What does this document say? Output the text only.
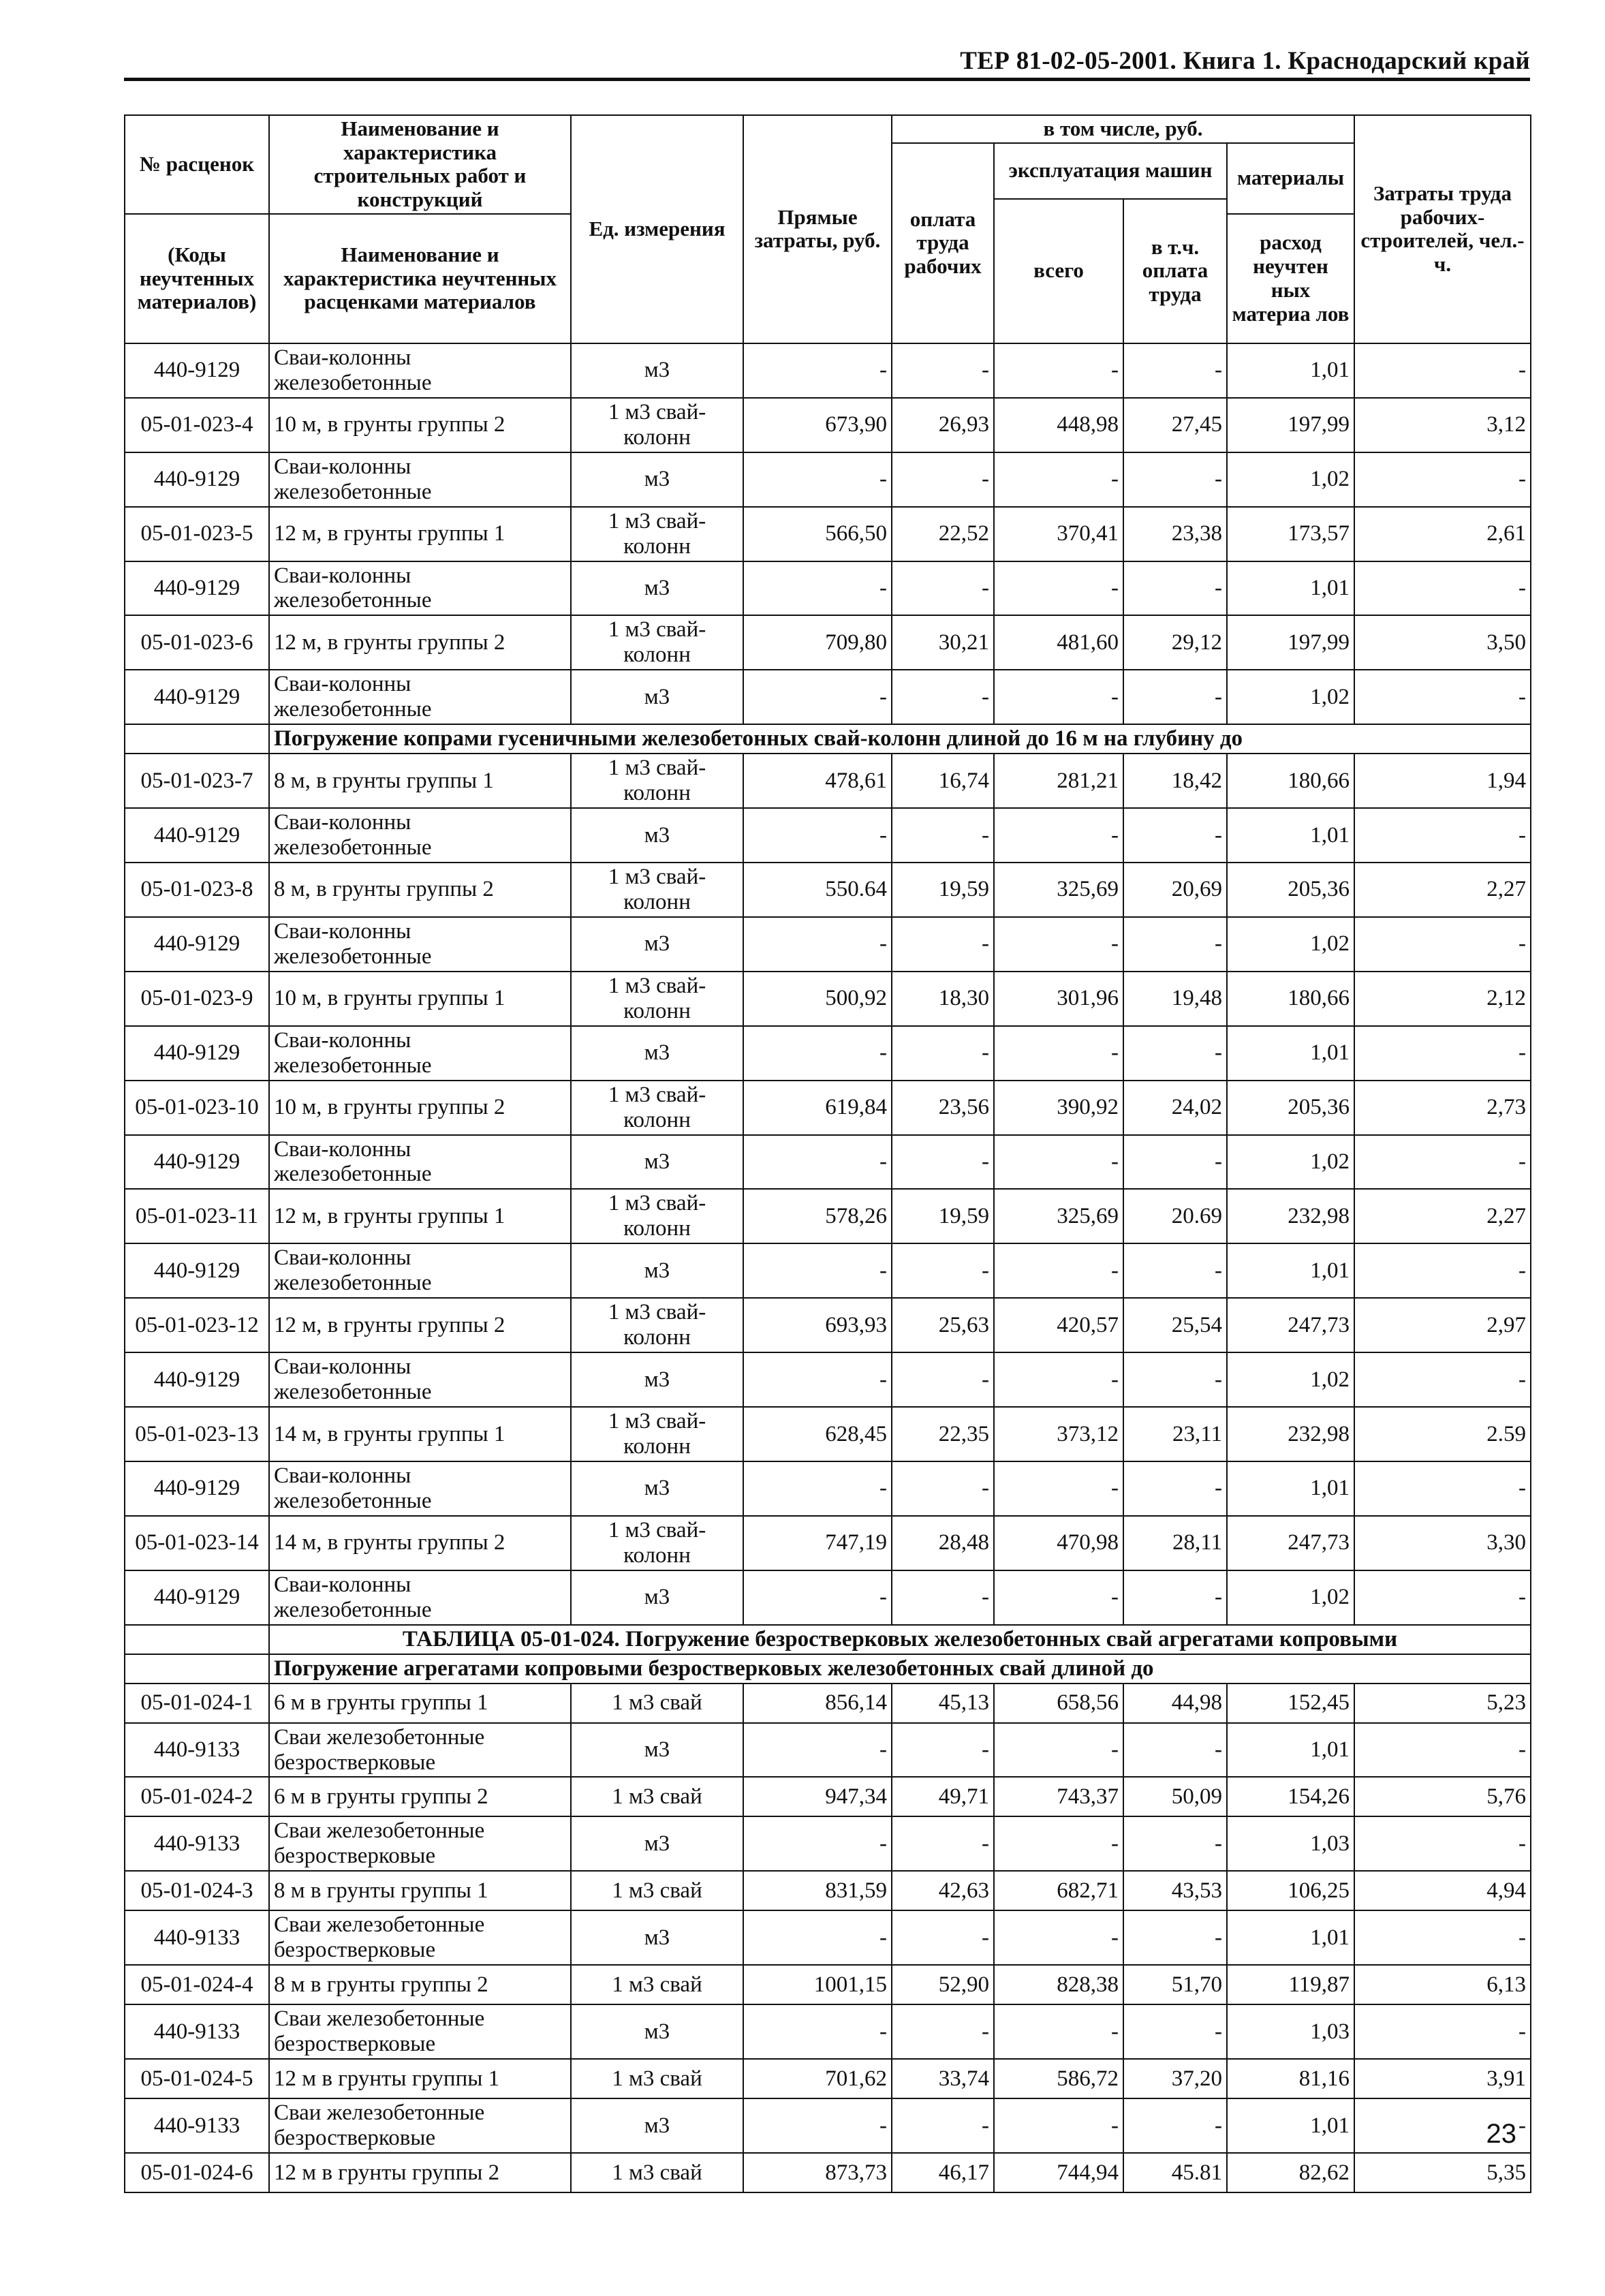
ТЕР 81-02-05-2001. Книга 1. Краснодарский край
№ расценок	Наименование и характеристика строительных работ и конструкций	Ед. измерения	Прямые затраты, руб.	в том числе, руб.				Затраты труда рабочих-строителей, чел.-ч.
				оплата труда рабочих	эксплуатация машин		материалы	
					всего	в т.ч. оплата труда		
(Коды неучтенных материалов)	Наименование и характеристика неучтенных расценками материалов						расход неучтен ных материа лов	

440-9129	Сваи-колонны железобетонные	м3	-	-	-	-	1,01	-
05-01-023-4	10 м, в грунты группы 2	1 м3 свай-колонн	673,90	26,93	448,98	27,45	197,99	3,12
440-9129	Сваи-колонны железобетонные	м3	-	-	-	-	1,02	-
05-01-023-5	12 м, в грунты группы 1	1 м3 свай-колонн	566,50	22,52	370,41	23,38	173,57	2,61
440-9129	Сваи-колонны железобетонные	м3	-	-	-	-	1,01	-
05-01-023-6	12 м, в грунты группы 2	1 м3 свай-колонн	709,80	30,21	481,60	29,12	197,99	3,50
440-9129	Сваи-колонны железобетонные	м3	-	-	-	-	1,02	-
	Погружение копрами гусеничными железобетонных свай-колонн длиной до 16 м на глубину до							
05-01-023-7	8 м, в грунты группы 1	1 м3 свай-колонн	478,61	16,74	281,21	18,42	180,66	1,94
440-9129	Сваи-колонны железобетонные	м3	-	-	-	-	1,01	-
05-01-023-8	8 м, в грунты группы 2	1 м3 свай-колонн	550.64	19,59	325,69	20,69	205,36	2,27
440-9129	Сваи-колонны железобетонные	м3	-	-	-	-	1,02	-
05-01-023-9	10 м, в грунты группы 1	1 м3 свай-колонн	500,92	18,30	301,96	19,48	180,66	2,12
440-9129	Сваи-колонны железобетонные	м3	-	-	-	-	1,01	-
05-01-023-10	10 м, в грунты группы 2	1 м3 свай-колонн	619,84	23,56	390,92	24,02	205,36	2,73
440-9129	Сваи-колонны железобетонные	м3	-	-	-	-	1,02	-
05-01-023-11	12 м, в грунты группы 1	1 м3 свай-колонн	578,26	19,59	325,69	20.69	232,98	2,27
440-9129	Сваи-колонны железобетонные	м3	-	-	-	-	1,01	-
05-01-023-12	12 м, в грунты группы 2	1 м3 свай-колонн	693,93	25,63	420,57	25,54	247,73	2,97
440-9129	Сваи-колонны железобетонные	м3	-	-	-	-	1,02	-
05-01-023-13	14 м, в грунты группы 1	1 м3 свай-колонн	628,45	22,35	373,12	23,11	232,98	2.59
440-9129	Сваи-колонны железобетонные	м3	-	-	-	-	1,01	-
05-01-023-14	14 м, в грунты группы 2	1 м3 свай-колонн	747,19	28,48	470,98	28,11	247,73	3,30
440-9129	Сваи-колонны железобетонные	м3	-	-	-	-	1,02	-
	ТАБЛИЦА 05-01-024. Погружение безростверковых железобетонных свай агрегатами копровыми							
	Погружение агрегатами копровыми безростверковых железобетонных свай длиной до							
05-01-024-1	6 м в грунты группы 1	1 м3 свай	856,14	45,13	658,56	44,98	152,45	5,23
440-9133	Сваи железобетонные безростверковые	м3	-	-	-	-	1,01	-
05-01-024-2	6 м в грунты группы 2	1 м3 свай	947,34	49,71	743,37	50,09	154,26	5,76
440-9133	Сваи железобетонные безростверковые	м3	-	-	-	-	1,03	-
05-01-024-3	8 м в грунты группы 1	1 м3 свай	831,59	42,63	682,71	43,53	106,25	4,94
440-9133	Сваи железобетонные безростверковые	м3	-	-	-	-	1,01	-
05-01-024-4	8 м в грунты группы 2	1 м3 свай	1001,15	52,90	828,38	51,70	119,87	6,13
440-9133	Сваи железобетонные безростверковые	м3	-	-	-	-	1,03	-
05-01-024-5	12 м в грунты группы 1	1 м3 свай	701,62	33,74	586,72	37,20	81,16	3,91
440-9133	Сваи железобетонные безростверковые	м3	-	-	-	-	1,01	-
05-01-024-6	12 м в грунты группы 2	1 м3 свай	873,73	46,17	744,94	45.81	82,62	5,35
23
